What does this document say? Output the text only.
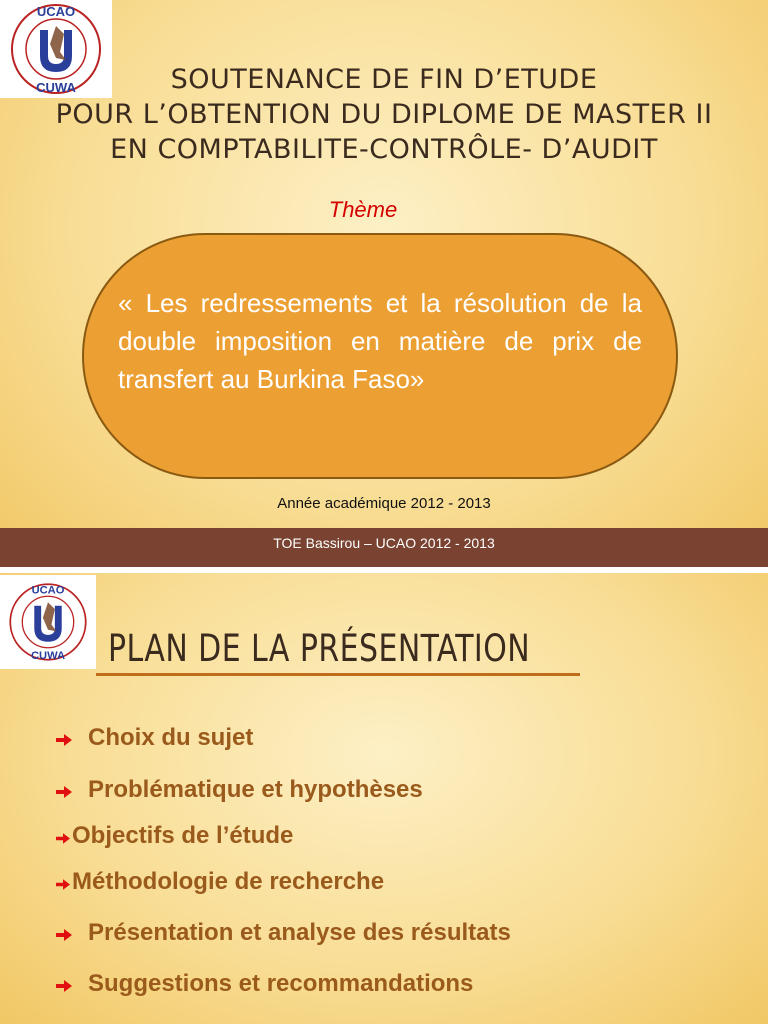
UCAO
CUWA	SOUTENANCE DE FIN D’ETUDE
POUR L’OBTENTION DU DIPLOME DE MASTER II
EN COMPTABILITE-CONTRÔLE- D’AUDIT
Thème
« Les redressements et la résolution de la double imposition en matière de prix de transfert au Burkina Faso»
Année académique 2012 - 2013
TOE Bassirou – UCAO 2012 - 2013
UCAO
CUWA PLAN DE LA PRÉSENTATION
Choix du sujet
Problématique et hypothèses
Objectifs de l’étude
Méthodologie de recherche
Présentation et analyse des résultats
Suggestions et recommandations
